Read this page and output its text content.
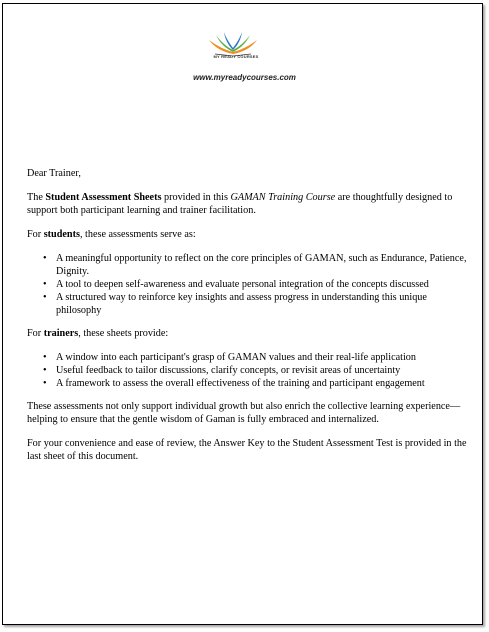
MY READY COURSES
www.myreadycourses.com

Dear Trainer,

The Student Assessment Sheets provided in this GAMAN Training Course are thoughtfully designed to support both participant learning and trainer facilitation.

For students, these assessments serve as:

• A meaningful opportunity to reflect on the core principles of GAMAN, such as Endurance, Patience, Dignity.
• A tool to deepen self-awareness and evaluate personal integration of the concepts discussed
• A structured way to reinforce key insights and assess progress in understanding this unique philosophy

For trainers, these sheets provide:

• A window into each participant's grasp of GAMAN values and their real-life application
• Useful feedback to tailor discussions, clarify concepts, or revisit areas of uncertainty
• A framework to assess the overall effectiveness of the training and participant engagement

These assessments not only support individual growth but also enrich the collective learning experience—helping to ensure that the gentle wisdom of Gaman is fully embraced and internalized.

For your convenience and ease of review, the Answer Key to the Student Assessment Test is provided in the last sheet of this document.
